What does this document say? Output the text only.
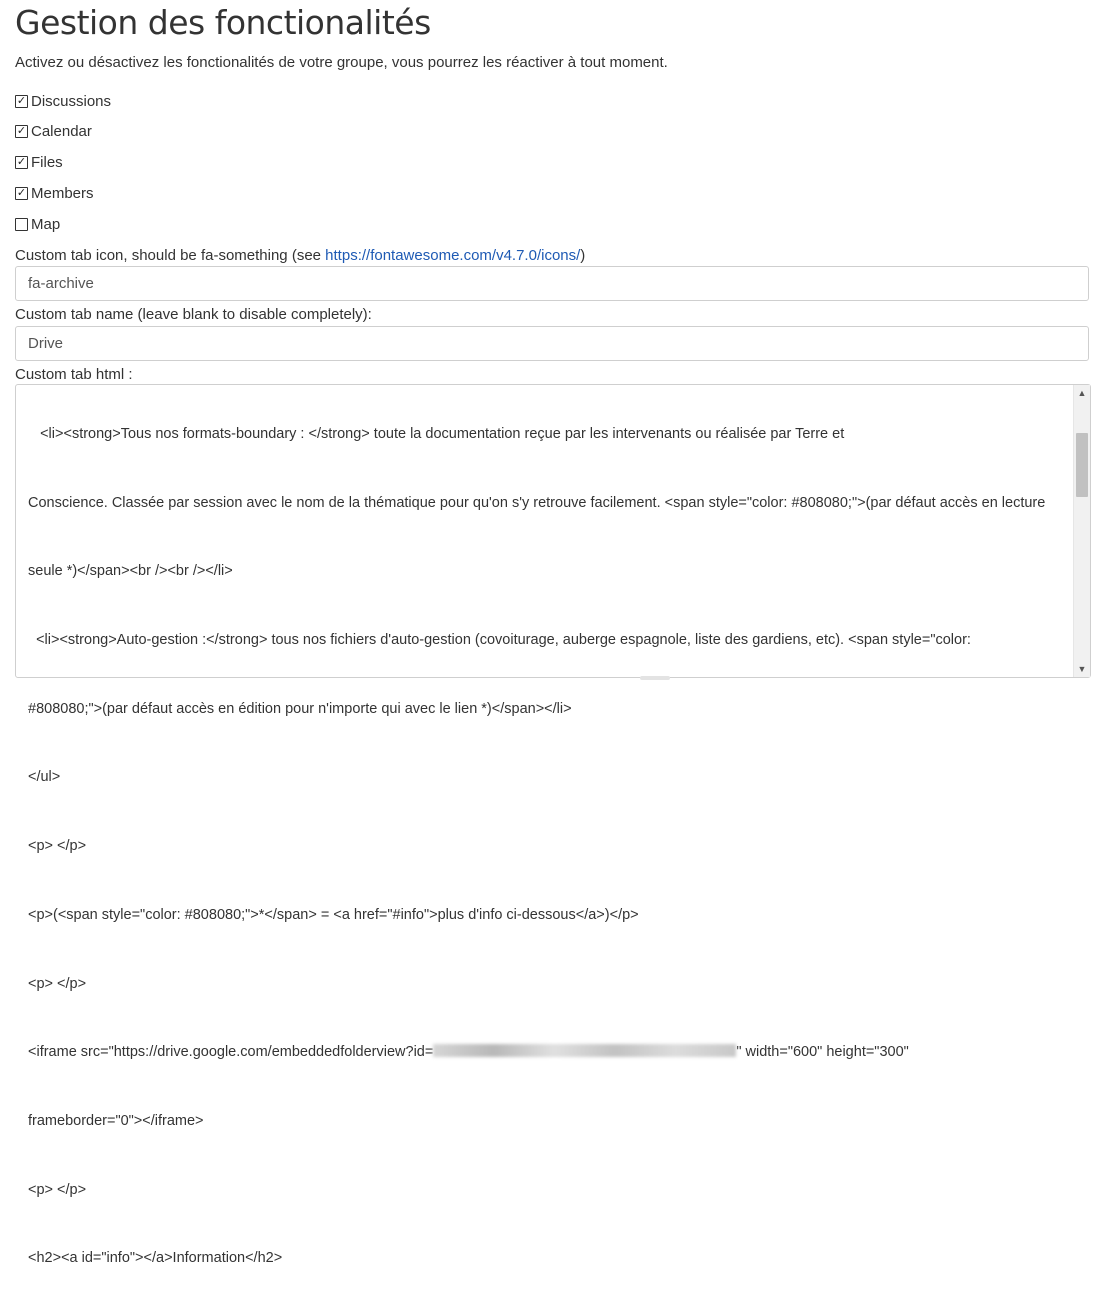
Gestion des fonctionalités
Activez ou désactivez les fonctionalités de votre groupe, vous pourrez les réactiver à tout moment.
✓ Discussions
✓ Calendar
✓ Files
✓ Members
Map
Custom tab icon, should be fa-something (see https://fontawesome.com/v4.7.0/icons/)
fa-archive
Custom tab name (leave blank to disable completely):
Drive
Custom tab html :

<li><strong>Tous nos formats-boundary : </strong> toute la documentation reçue par les intervenants ou réalisée par Terre et

Conscience. Classée par session avec le nom de la thématique pour qu'on s'y retrouve facilement. <span style="color: #808080;">(par défaut accès en lecture

seule *)</span><br /><br /></li>

<li><strong>Auto-gestion :</strong> tous nos fichiers d'auto-gestion (covoiturage, auberge espagnole, liste des gardiens, etc). <span style="color:

#808080;">(par défaut accès en édition pour n'importe qui avec le lien *)</span></li>

</ul>

<p> </p>

<p>(<span style="color: #808080;">*</span> = <a href="#info">plus d'info ci-dessous</a>)</p>

<p> </p>

<iframe src="https://drive.google.com/embeddedfolderview?id=	" width="600" height="300"

frameborder="0"></iframe>

<p> </p>

<h2><a id="info"></a>Information</h2>

▲
▼
